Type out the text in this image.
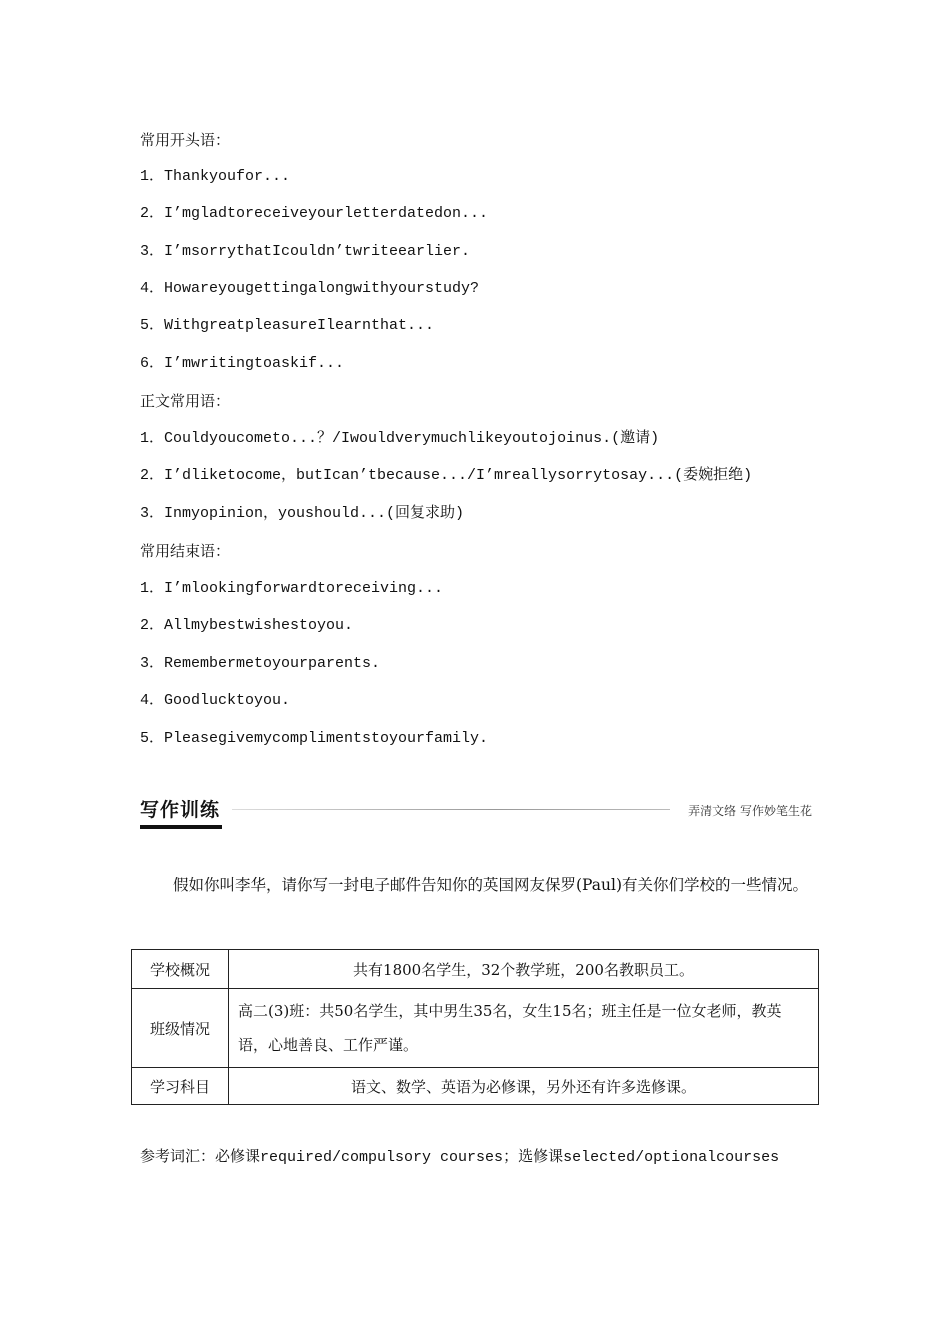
常用开头语：
1．Thankyoufor...
2．I’mgladtoreceiveyourletterdatedon...
3．I’msorrythatIcouldn’twriteearlier.
4．Howareyougettingalongwithyourstudy?
5．WithgreatpleasureIlearnthat...
6．I’mwritingtoaskif...
正文常用语：
1．Couldyoucometo...？/Iwouldverymuchlikeyoutojoinus.(邀请)
2．I’dliketocome，butIcan’tbecause.../I’mreallysorrytosay...(委婉拒绝)
3．Inmyopinion，youshould...(回复求助)
常用结束语：
1．I’mlookingforwardtoreceiving...
2．Allmybestwishestoyou.
3．Remembermetoyourparents.
4．Goodlucktoyou.
5．Pleasegivemycomplimentstoyourfamily.
写作训练	弄清文络 写作妙笔生花
假如你叫李华，请你写一封电子邮件告知你的英国网友保罗(Paul)有关你们学校的一些情况。
学校概况	共有1800名学生，32个教学班，200名教职员工。
班级情况	高二(3)班：共50名学生，其中男生35名，女生15名；班主任是一位女老师，教英语，心地善良、工作严谨。
学习科目	语文、数学、英语为必修课，另外还有许多选修课。
参考词汇：必修课required/compulsory courses；选修课selected/optionalcourses
